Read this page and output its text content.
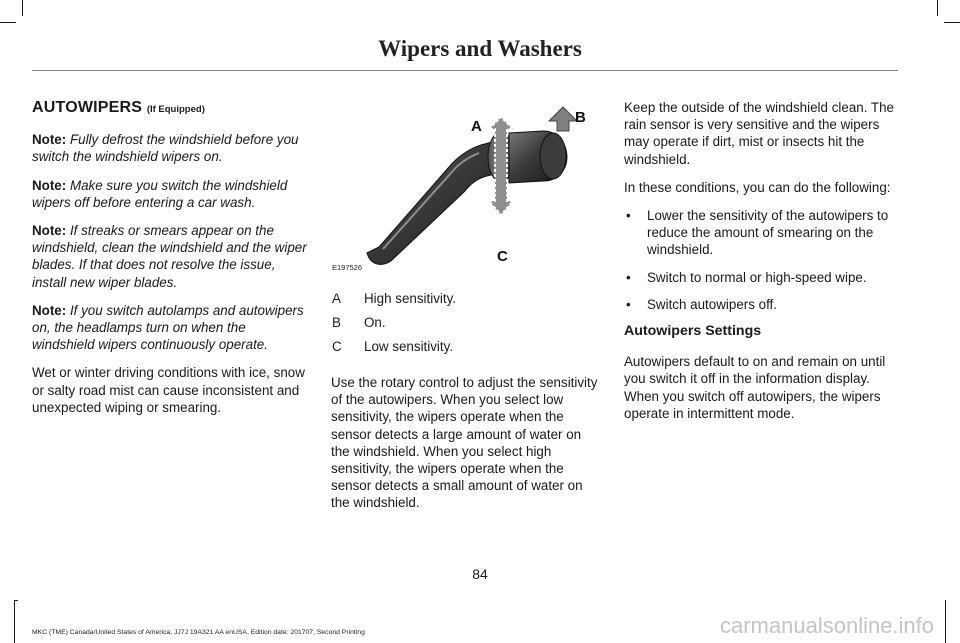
Wipers and Washers
AUTOWIPERS (If Equipped)

Note: Fully defrost the windshield before you switch the windshield wipers on.

Note: Make sure you switch the windshield wipers off before entering a car wash.

Note: If streaks or smears appear on the windshield, clean the windshield and the wiper blades. If that does not resolve the issue, install new wiper blades.

Note: If you switch autolamps and autowipers on, the headlamps turn on when the windshield wipers continuously operate.

Wet or winter driving conditions with ice, snow or salty road mist can cause inconsistent and unexpected wiping or smearing.

A
B
C
E197526
A	High sensitivity.
B	On.
C	Low sensitivity.

Use the rotary control to adjust the sensitivity of the autowipers. When you select low sensitivity, the wipers operate when the sensor detects a large amount of water on the windshield. When you select high sensitivity, the wipers operate when the sensor detects a small amount of water on the windshield.

Keep the outside of the windshield clean. The rain sensor is very sensitive and the wipers may operate if dirt, mist or insects hit the windshield.

In these conditions, you can do the following:

• Lower the sensitivity of the autowipers to reduce the amount of smearing on the windshield.
• Switch to normal or high-speed wipe.
• Switch autowipers off.
Autowipers Settings

Autowipers default to on and remain on until you switch it off in the information display. When you switch off autowipers, the wipers operate in intermittent mode.

84
MKC (TME) Canada/United States of America, JJ7J 19A321 AA enUSA, Edition date: 201707, Second Printing	carmanualsonline.info
